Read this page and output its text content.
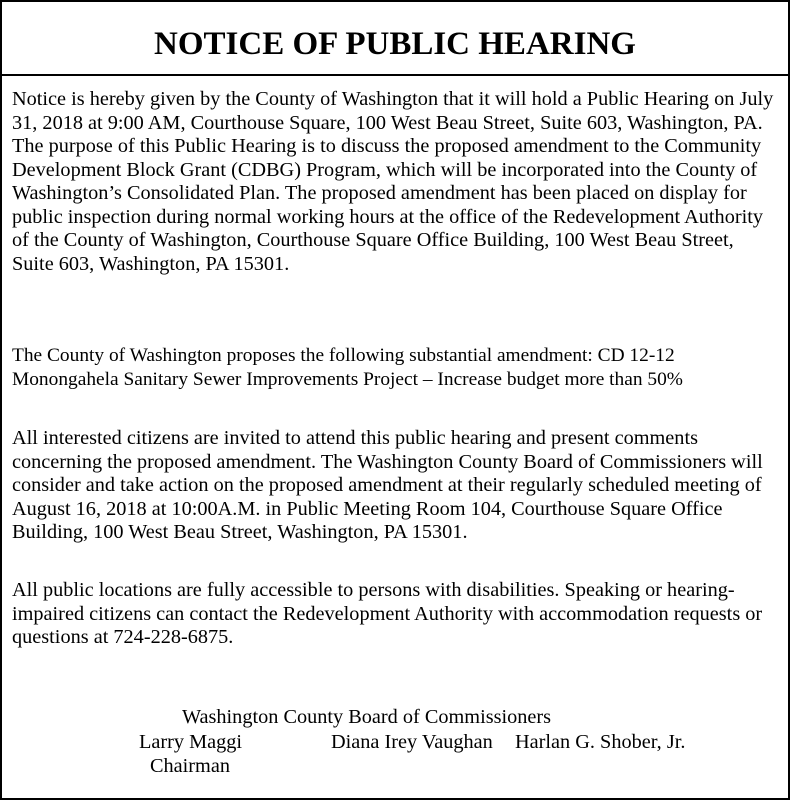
NOTICE OF PUBLIC HEARING

Notice is hereby given by the County of Washington that it will hold a Public Hearing on July 31, 2018 at 9:00 AM, Courthouse Square, 100 West Beau Street, Suite 603, Washington, PA. The purpose of this Public Hearing is to discuss the proposed amendment to the Community Development Block Grant (CDBG) Program, which will be incorporated into the County of Washington’s Consolidated Plan. The proposed amendment has been placed on display for public inspection during normal working hours at the office of the Redevelopment Authority of the County of Washington, Courthouse Square Office Building, 100 West Beau Street, Suite 603, Washington, PA 15301.

The County of Washington proposes the following substantial amendment: CD 12-12 Monongahela Sanitary Sewer Improvements Project – Increase budget more than 50%

All interested citizens are invited to attend this public hearing and present comments concerning the proposed amendment. The Washington County Board of Commissioners will consider and take action on the proposed amendment at their regularly scheduled meeting of August 16, 2018 at 10:00A.M. in Public Meeting Room 104, Courthouse Square Office Building, 100 West Beau Street, Washington, PA 15301.

All public locations are fully accessible to persons with disabilities. Speaking or hearing-impaired citizens can contact the Redevelopment Authority with accommodation requests or questions at 724-228-6875.

Washington County Board of Commissioners
Larry Maggi	Diana Irey Vaughan Harlan G. Shober, Jr.
Chairman
